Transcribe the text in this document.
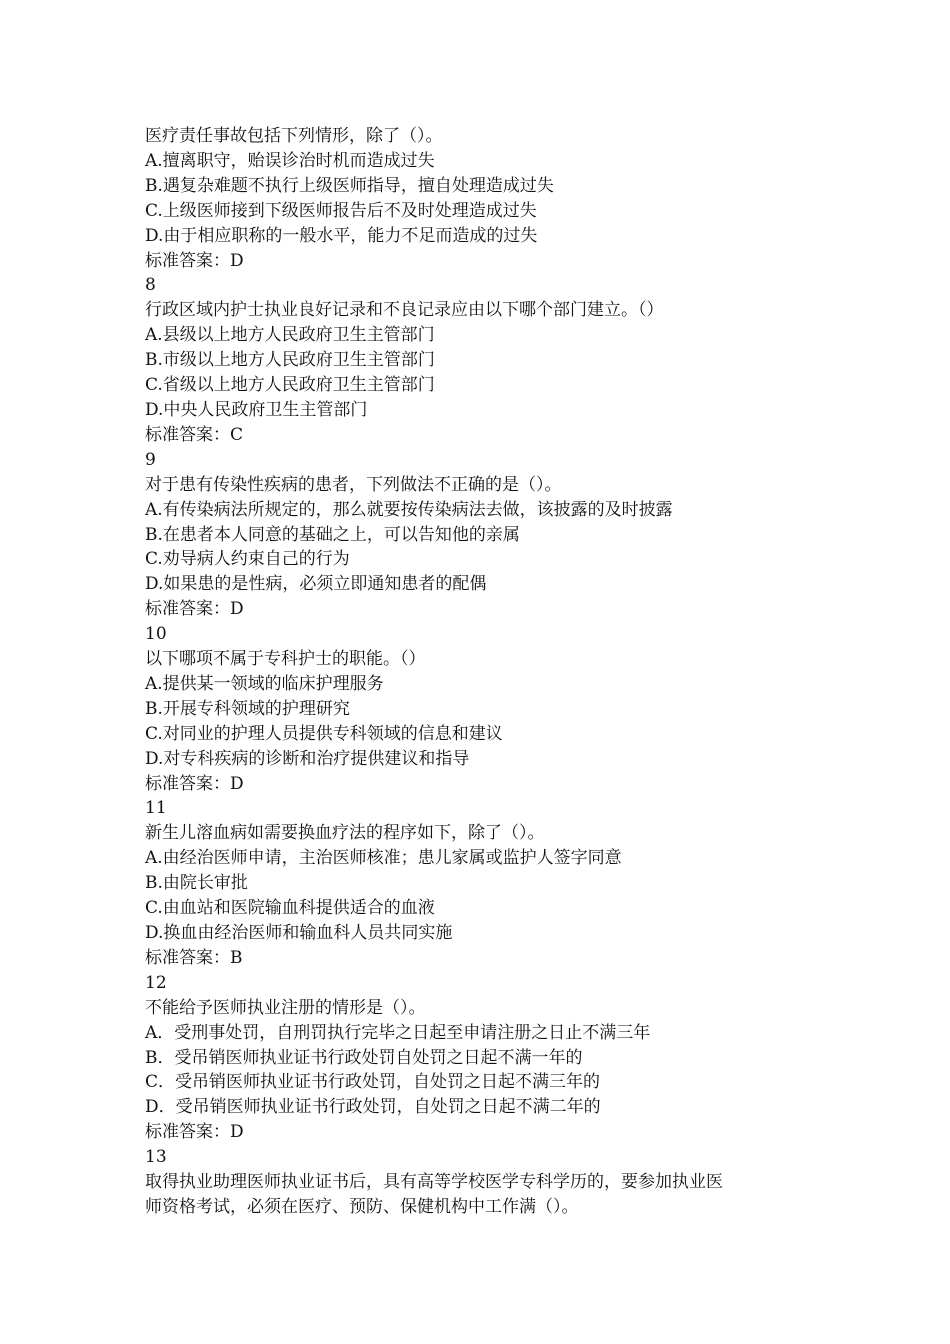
医疗责任事故包括下列情形，除了（）。

A.擅离职守，贻误诊治时机而造成过失

B.遇复杂难题不执行上级医师指导，擅自处理造成过失

C.上级医师接到下级医师报告后不及时处理造成过失

D.由于相应职称的一般水平，能力不足而造成的过失

标准答案：D

8

行政区域内护士执业良好记录和不良记录应由以下哪个部门建立。（）

A.县级以上地方人民政府卫生主管部门

B.市级以上地方人民政府卫生主管部门

C.省级以上地方人民政府卫生主管部门

D.中央人民政府卫生主管部门

标准答案：C

9

对于患有传染性疾病的患者，下列做法不正确的是（）。

A.有传染病法所规定的，那么就要按传染病法去做，该披露的及时披露

B.在患者本人同意的基础之上，可以告知他的亲属

C.劝导病人约束自己的行为

D.如果患的是性病，必须立即通知患者的配偶

标准答案：D

10

以下哪项不属于专科护士的职能。（）

A.提供某一领域的临床护理服务

B.开展专科领域的护理研究

C.对同业的护理人员提供专科领域的信息和建议

D.对专科疾病的诊断和治疗提供建议和指导

标准答案：D

11

新生儿溶血病如需要换血疗法的程序如下，除了（）。

A.由经治医师申请，主治医师核准；患儿家属或监护人签字同意

B.由院长审批

C.由血站和医院输血科提供适合的血液

D.换血由经治医师和输血科人员共同实施

标准答案：B

12

不能给予医师执业注册的情形是（）。

A．受刑事处罚，自刑罚执行完毕之日起至申请注册之日止不满三年

B．受吊销医师执业证书行政处罚自处罚之日起不满一年的

C．受吊销医师执业证书行政处罚，自处罚之日起不满三年的

D．受吊销医师执业证书行政处罚，自处罚之日起不满二年的

标准答案：D

13

取得执业助理医师执业证书后，具有高等学校医学专科学历的，要参加执业医

师资格考试，必须在医疗、预防、保健机构中工作满（）。
